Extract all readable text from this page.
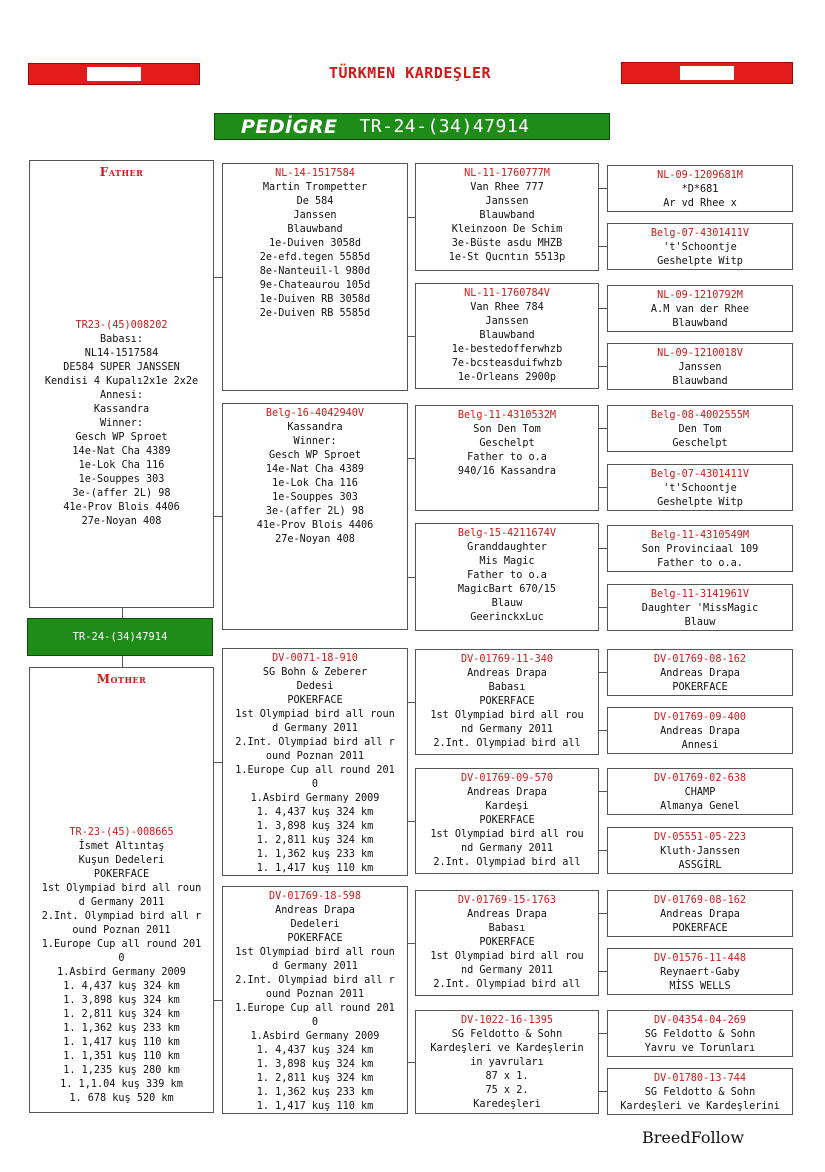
TÜRKMEN KARDEŞLER
PEDİGRE TR-24-(34)47914
Father
TR23-(45)008202
Babası:
NL14-1517584
DE584 SUPER JANSSEN
Kendisi 4 Kupalı2x1e 2x2e
Annesi:
Kassandra
Winner:
Gesch WP Sproet
14e-Nat Cha 4389
1e-Lok Cha 116
1e-Souppes 303
3e-(affer 2L) 98
41e-Prov Blois 4406
27e-Noyan 408
TR-24-(34)47914
Mother
TR-23-(45)-008665
İsmet Altıntaş
Kuşun Dedeleri
POKERFACE
1st Olympiad bird all roun
d Germany 2011
2.Int. Olympiad bird all r
ound Poznan 2011
1.Europe Cup all round 201
0
1.Asbird Germany 2009
1. 4,437 kuş 324 km
1. 3,898 kuş 324 km
1. 2,811 kuş 324 km
1. 1,362 kuş 233 km
1. 1,417 kuş 110 km
1. 1,351 kuş 110 km
1. 1,235 kuş 280 km
1. 1,1.04 kuş 339 km
1. 678 kuş 520 km
NL-14-1517584
Martin Trompetter
De 584
Janssen
Blauwband
1e-Duiven 3058d
2e-efd.tegen 5585d
8e-Nanteuil-l 980d
9e-Chateaurou 105d
1e-Duiven RB 3058d
2e-Duiven RB 5585d
Belg-16-4042940V
Kassandra
Winner:
Gesch WP Sproet
14e-Nat Cha 4389
1e-Lok Cha 116
1e-Souppes 303
3e-(affer 2L) 98
41e-Prov Blois 4406
27e-Noyan 408
DV-0071-18-910
SG Bohn & Zeberer
Dedesi
POKERFACE
1st Olympiad bird all roun
d Germany 2011
2.Int. Olympiad bird all r
ound Poznan 2011
1.Europe Cup all round 201
0
1.Asbird Germany 2009
1. 4,437 kuş 324 km
1. 3,898 kuş 324 km
1. 2,811 kuş 324 km
1. 1,362 kuş 233 km
1. 1,417 kuş 110 km
DV-01769-18-598
Andreas Drapa
Dedeleri
POKERFACE
1st Olympiad bird all roun
d Germany 2011
2.Int. Olympiad bird all r
ound Poznan 2011
1.Europe Cup all round 201
0
1.Asbird Germany 2009
1. 4,437 kuş 324 km
1. 3,898 kuş 324 km
1. 2,811 kuş 324 km
1. 1,362 kuş 233 km
1. 1,417 kuş 110 km
NL-11-1760777M
Van Rhee 777
Janssen
Blauwband
Kleinzoon De Schim
3e-Büste asdu MHZB
1e-St Qucntın 5513p
NL-11-1760784V
Van Rhee 784
Janssen
Blauwband
1e-bestedofferwhzb
7e-bcsteasduifwhzb
1e-Orleans 2900p
Belg-11-4310532M
Son Den Tom
Geschelpt
Father to o.a
940/16 Kassandra
Belg-15-4211674V
Granddaughter
Mis Magic
Father to o.a
MagicBart 670/15
Blauw
GeerinckxLuc
DV-01769-11-340
Andreas Drapa
Babası
POKERFACE
1st Olympiad bird all rou
nd Germany 2011
2.Int. Olympiad bird all
DV-01769-09-570
Andreas Drapa
Kardeşi
POKERFACE
1st Olympiad bird all rou
nd Germany 2011
2.Int. Olympiad bird all
DV-01769-15-1763
Andreas Drapa
Babası
POKERFACE
1st Olympiad bird all rou
nd Germany 2011
2.Int. Olympiad bird all
DV-1022-16-1395
SG Feldotto & Sohn
Kardeşleri ve Kardeşlerin
in yavruları
87 x 1.
75 x 2.
Karedeşleri
NL-09-1209681M
*D*681
Ar vd Rhee x
Belg-07-4301411V
't'Schoontje
Geshelpte Witp
NL-09-1210792M
A.M van der Rhee
Blauwband
NL-09-1210018V
Janssen
Blauwband
Belg-08-4002555M
Den Tom
Geschelpt
Belg-07-4301411V
't'Schoontje
Geshelpte Witp
Belg-11-4310549M
Son Provinciaal 109
Father to o.a.
Belg-11-3141961V
Daughter 'MissMagic
Blauw
DV-01769-08-162
Andreas Drapa
POKERFACE
DV-01769-09-400
Andreas Drapa
Annesi
DV-01769-02-638
CHAMP
Almanya Genel
DV-05551-05-223
Kluth-Janssen
ASSGİRL
DV-01769-08-162
Andreas Drapa
POKERFACE
DV-01576-11-448
Reynaert-Gaby
MİSS WELLS
DV-04354-04-269
SG Feldotto & Sohn
Yavru ve Torunları
DV-01780-13-744
SG Feldotto & Sohn
Kardeşleri ve Kardeşlerini
BreedFollow
